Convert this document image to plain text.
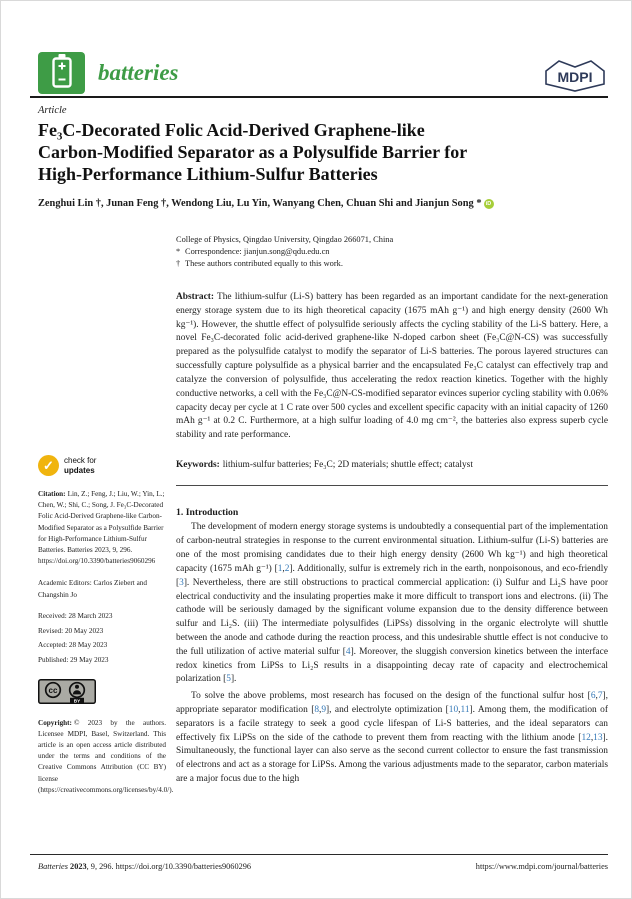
batteries	MDPI
Article
Fe₃C-Decorated Folic Acid-Derived Graphene-like
Carbon-Modified Separator as a Polysulfide Barrier for
High-Performance Lithium-Sulfur Batteries
Zenghui Lin †, Junan Feng †, Wendong Liu, Lu Yin, Wanyang Chen, Chuan Shi and Jianjun Song * iD
✓	check for
updates
Citation: Lin, Z.; Feng, J.; Liu, W.; Yin, L.; Chen, W.; Shi, C.; Song, J. Fe₃C-Decorated Folic Acid-Derived Graphene-like Carbon-Modified Separator as a Polysulfide Barrier for High-Performance Lithium-Sulfur Batteries. Batteries 2023, 9, 296. https://doi.org/10.3390/batteries9060296
Academic Editors: Carlos Ziebert and Changshin Jo
Received: 28 March 2023
Revised: 20 May 2023
Accepted: 28 May 2023
Published: 29 May 2023
cc
BY
Copyright: © 2023 by the authors. Licensee MDPI, Basel, Switzerland. This article is an open access article distributed under the terms and conditions of the Creative Commons Attribution (CC BY) license (https://creativecommons.org/licenses/by/4.0/).
College of Physics, Qingdao University, Qingdao 266071, China
* Correspondence: jianjun.song@qdu.edu.cn
† These authors contributed equally to this work.
Abstract: The lithium-sulfur (Li-S) battery has been regarded as an important candidate for the next-generation energy storage system due to its high theoretical capacity (1675 mAh g⁻¹) and high energy density (2600 Wh kg⁻¹). However, the shuttle effect of polysulfide seriously affects the cycling stability of the Li-S battery. Here, a novel Fe₃C-decorated folic acid-derived graphene-like N-doped carbon sheet (Fe₃C@N-CS) was successfully prepared as the polysulfide catalyst to modify the separator of Li-S batteries. The porous layered structures can successfully capture polysulfide as a physical barrier and the encapsulated Fe₃C catalyst can effectively trap and catalyze the conversion of polysulfide, thus accelerating the redox reaction kinetics. Together with the highly conductive networks, a cell with the Fe₃C@N-CS-modified separator evinces superior cycling stability with 0.06% capacity decay per cycle at 1 C rate over 500 cycles and excellent specific capacity with an initial capacity of 1260 mAh g⁻¹ at 0.2 C. Furthermore, at a high sulfur loading of 4.0 mg cm⁻², the batteries also express superb cycle stability and rate performance.
Keywords: lithium-sulfur batteries; Fe₃C; 2D materials; shuttle effect; catalyst
1. Introduction

The development of modern energy storage systems is undoubtedly a consequential part of the implementation of carbon-neutral strategies in response to the current environmental situation. Lithium-sulfur (Li-S) batteries are one of the most promising candidates due to their high energy density (2600 Wh kg⁻¹) and high theoretical capacity (1675 mAh g⁻¹) [1,2]. Additionally, sulfur is extremely rich in the earth, nonpoisonous, and eco-friendly [3]. Nevertheless, there are still obstructions to practical commercial application: (i) Sulfur and Li₂S have poor electrical conductivity and the insulating properties make it more difficult to transport ions and electrons. (ii) The cathode will be seriously damaged by the significant volume expansion due to the density difference between sulfur and Li₂S. (iii) The intermediate polysulfides (LiPSs) dissolving in the organic electrolyte will shuttle between the anode and cathode during the reaction process, and this undesirable shuttle effect is not conducive to the full utilization of active material sulfur [4]. Moreover, the sluggish conversion kinetics between the interface redox kinetics from LiPSs to Li₂S results in a disappointing decay rate of capacity and electrochemical polarization [5].

To solve the above problems, most research has focused on the design of the functional sulfur host [6,7], appropriate separator modification [8,9], and electrolyte optimization [10,11]. Among them, the modification of separators is a facile strategy to seek a good cycle lifespan of Li-S batteries, and the ideal separators can effectively fix LiPSs on the side of the cathode to prevent them from reacting with the lithium anode [12,13]. Simultaneously, the functional layer can also serve as the second current collector to ensure the fast transmission of electrons and act as a storage for LiPSs. Among the various adjustments made to the separator, carbon materials are a major focus due to the high

Batteries 2023, 9, 296. https://doi.org/10.3390/batteries9060296	https://www.mdpi.com/journal/batteries
